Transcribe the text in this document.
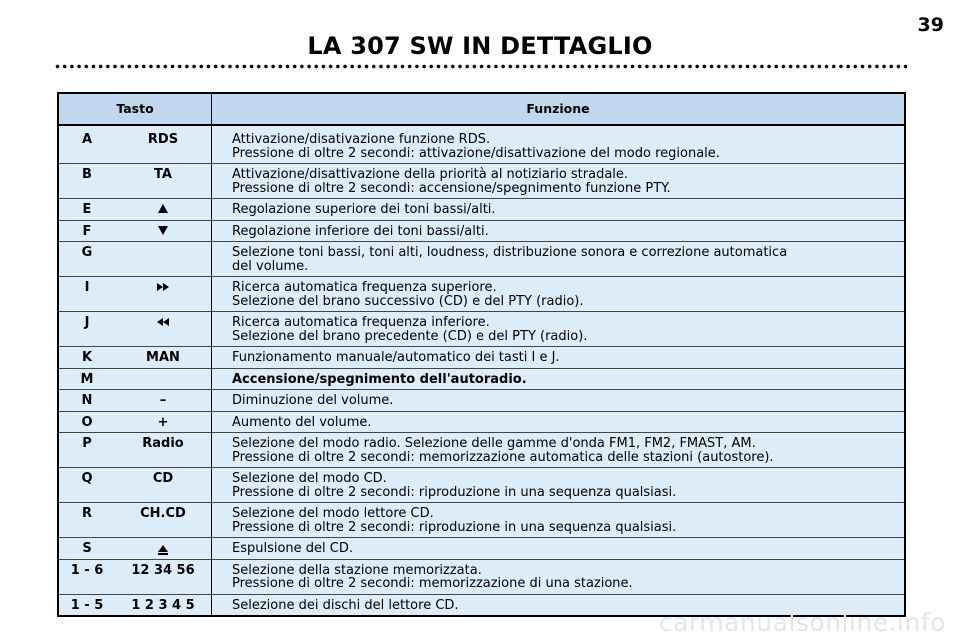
LA 307 SW IN DETTAGLIO
39
Tasto		Funzione
A	RDS	Attivazione/disativazione funzione RDS.
Pressione di oltre 2 secondi: attivazione/disattivazione del modo regionale.

B	TA	Attivazione/disattivazione della priorità al notiziario stradale.
Pressione di oltre 2 secondi: accensione/spegnimento funzione PTY.

E		Regolazione superiore dei toni bassi/alti.

F		Regolazione inferiore dei toni bassi/alti.

G		Selezione toni bassi, toni alti, loudness, distribuzione sonora e correzione automatica
del volume.

I		Ricerca automatica frequenza superiore.
Selezione del brano successivo (CD) e del PTY (radio).

J		Ricerca automatica frequenza inferiore.
Selezione del brano precedente (CD) e del PTY (radio).

K	MAN	Funzionamento manuale/automatico dei tasti I e J.

M		Accensione/spegnimento dell'autoradio.

N	–	Diminuzione del volume.

O	+	Aumento del volume.

P	Radio	Selezione del modo radio. Selezione delle gamme d'onda FM1, FM2, FMAST, AM.
Pressione di oltre 2 secondi: memorizzazione automatica delle stazioni (autostore).

Q	CD	Selezione del modo CD.
Pressione di oltre 2 secondi: riproduzione in una sequenza qualsiasi.

R	CH.CD	Selezione del modo lettore CD.
Pressione di oltre 2 secondi: riproduzione in una sequenza qualsiasi.

S		Espulsione del CD.

1 - 6	12 34 56	Selezione della stazione memorizzata.
Pressione di oltre 2 secondi: memorizzazione di una stazione.

1 - 5	1 2 3 4 5	Selezione dei dischi del lettore CD.
carmanualsonline.info
